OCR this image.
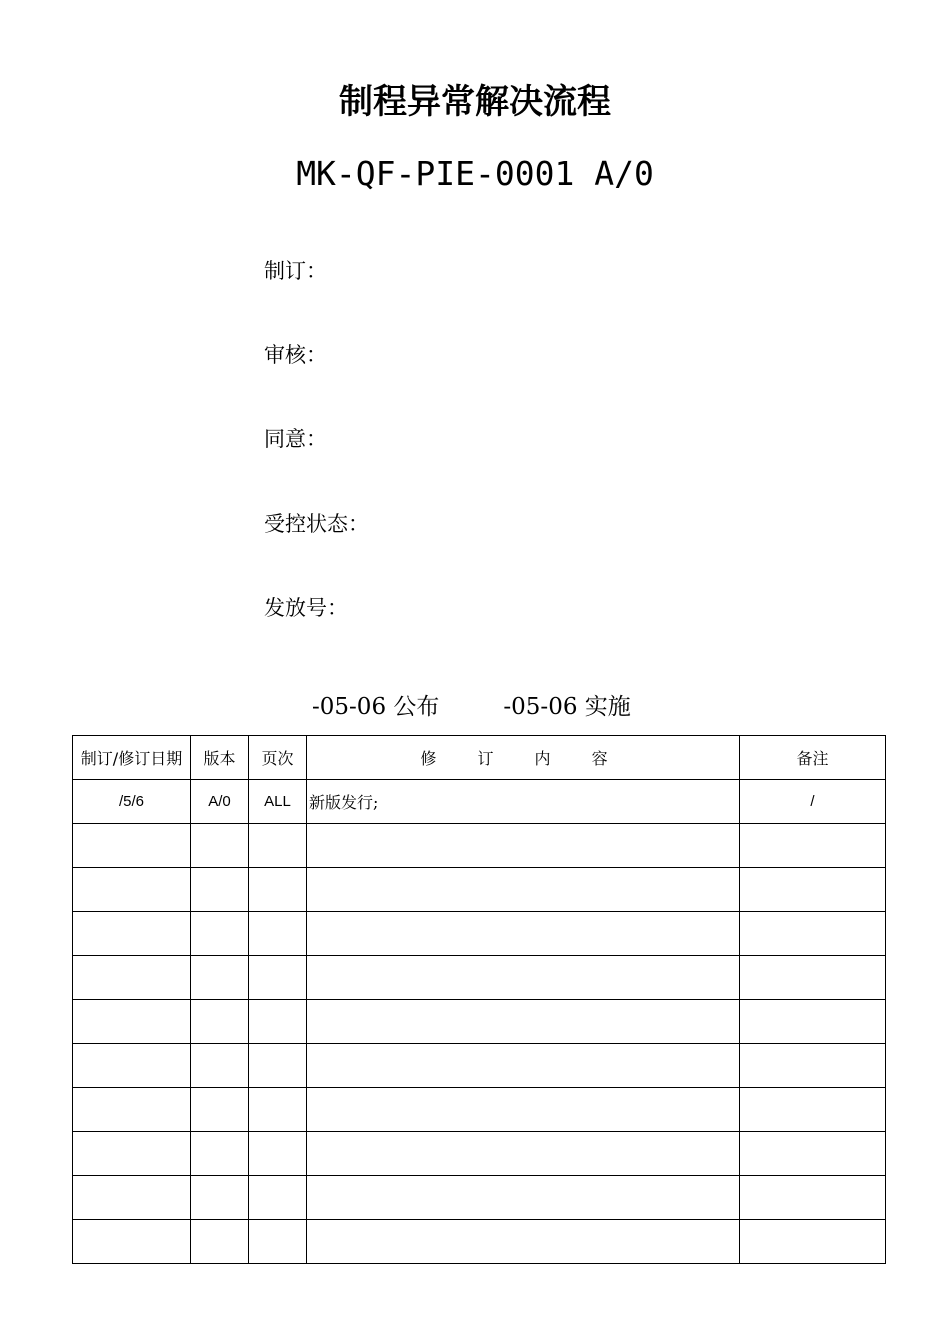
制程异常解决流程
MK-QF-PIE-0001 A/0
制订：
审核：
同意：
受控状态：
发放号：
-05-06 公布	-05-06 实施
制订/修订日期	版本	页次	修 订 内 容	备注
/5/6	A/0	ALL	新版发行;	/
